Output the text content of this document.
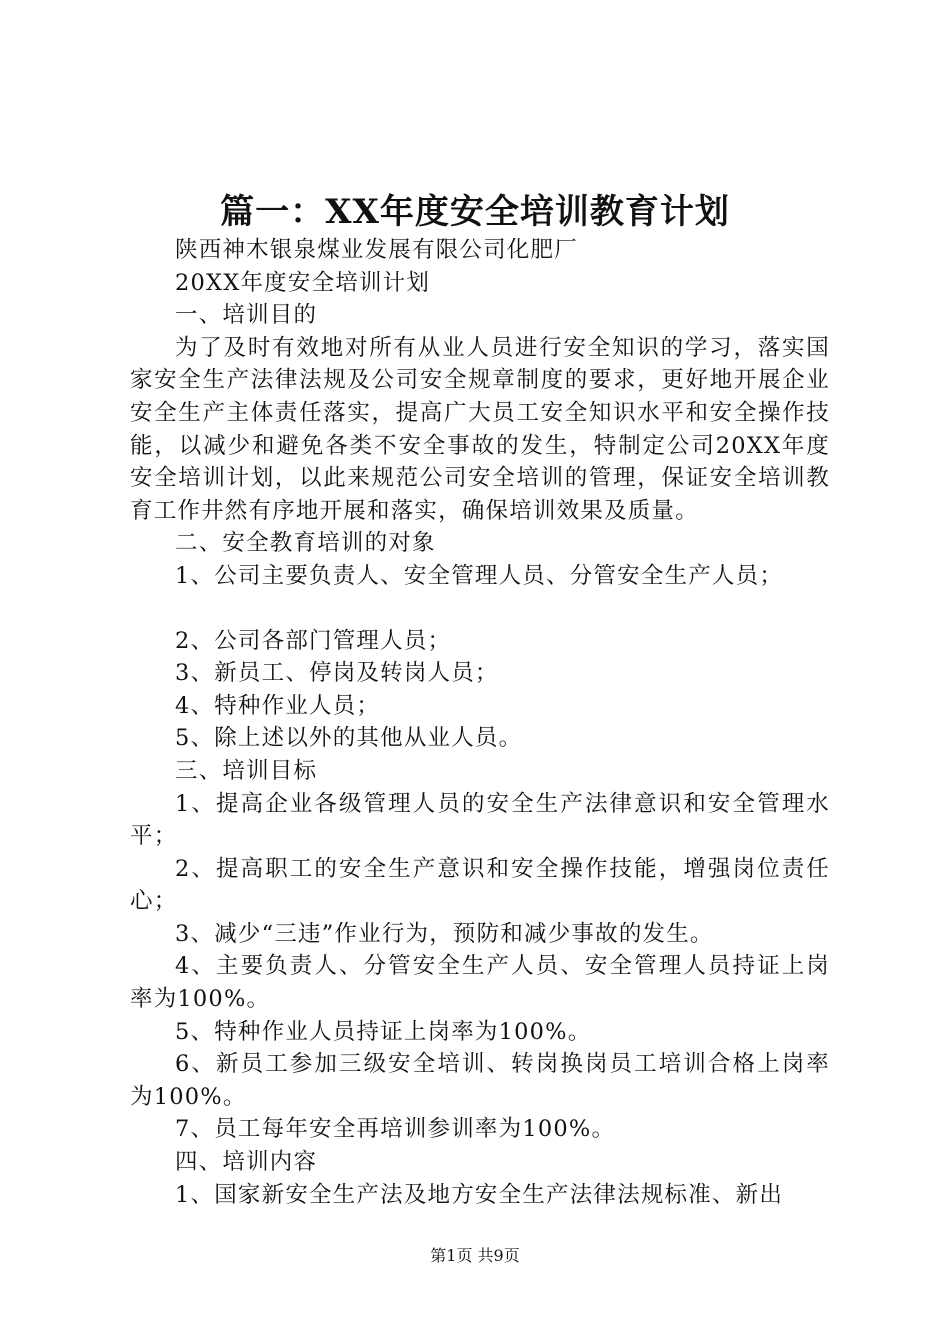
篇一：XX年度安全培训教育计划

陕西神木银泉煤业发展有限公司化肥厂

20XX年度安全培训计划

一、培训目的

为了及时有效地对所有从业人员进行安全知识的学习，落实国家安全生产法律法规及公司安全规章制度的要求，更好地开展企业安全生产主体责任落实，提高广大员工安全知识水平和安全操作技能，以减少和避免各类不安全事故的发生，特制定公司20XX年度安全培训计划，以此来规范公司安全培训的管理，保证安全培训教育工作井然有序地开展和落实，确保培训效果及质量。

二、安全教育培训的对象

1、公司主要负责人、安全管理人员、分管安全生产人员；

2、公司各部门管理人员；

3、新员工、停岗及转岗人员；

4、特种作业人员；

5、除上述以外的其他从业人员。

三、培训目标

1、提高企业各级管理人员的安全生产法律意识和安全管理水平；

2、提高职工的安全生产意识和安全操作技能，增强岗位责任心；

3、减少“三违”作业行为，预防和减少事故的发生。

4、主要负责人、分管安全生产人员、安全管理人员持证上岗率为100%。

5、特种作业人员持证上岗率为100%。

6、新员工参加三级安全培训、转岗换岗员工培训合格上岗率为100%。

7、员工每年安全再培训参训率为100%。

四、培训内容

1、国家新安全生产法及地方安全生产法律法规标准、新出

第1页 共9页
